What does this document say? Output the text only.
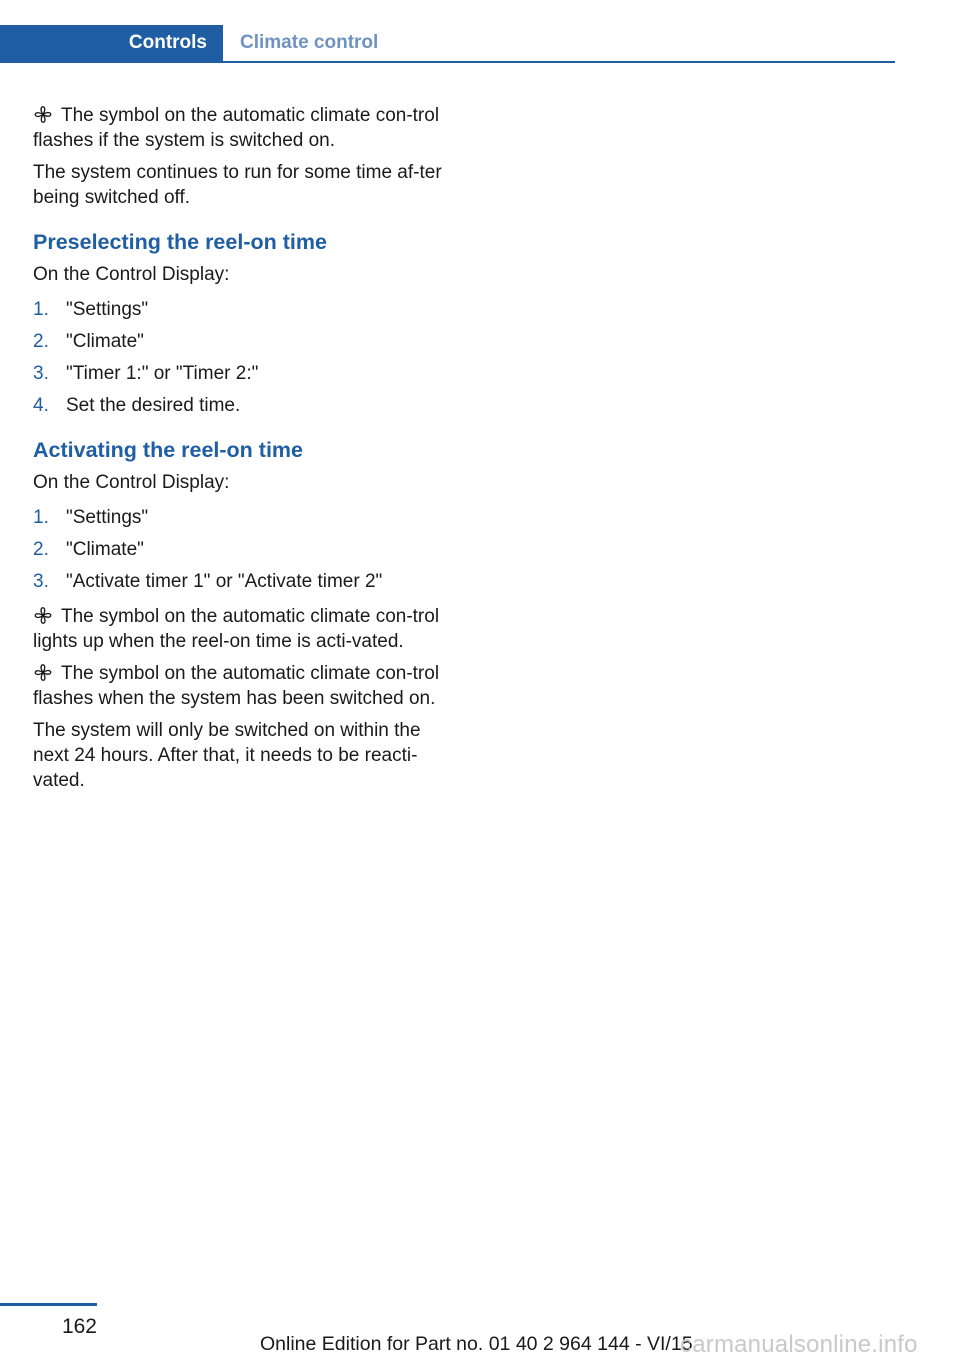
Controls	Climate control

The symbol on the automatic climate con-trol flashes if the system is switched on.

The system continues to run for some time af-ter being switched off.

Preselecting the reel-on time

On the Control Display:

1. "Settings"
2. "Climate"
3. "Timer 1:" or "Timer 2:"
4. Set the desired time.
Activating the reel-on time

On the Control Display:

1. "Settings"
2. "Climate"
3. "Activate timer 1" or "Activate timer 2"

The symbol on the automatic climate con-trol lights up when the reel-on time is acti-vated.

The symbol on the automatic climate con-trol flashes when the system has been switched on.

The system will only be switched on within the next 24 hours. After that, it needs to be reacti-vated.

162
Online Edition for Part no. 01 40 2 964 144 - VI/15
carmanualsonline.info
